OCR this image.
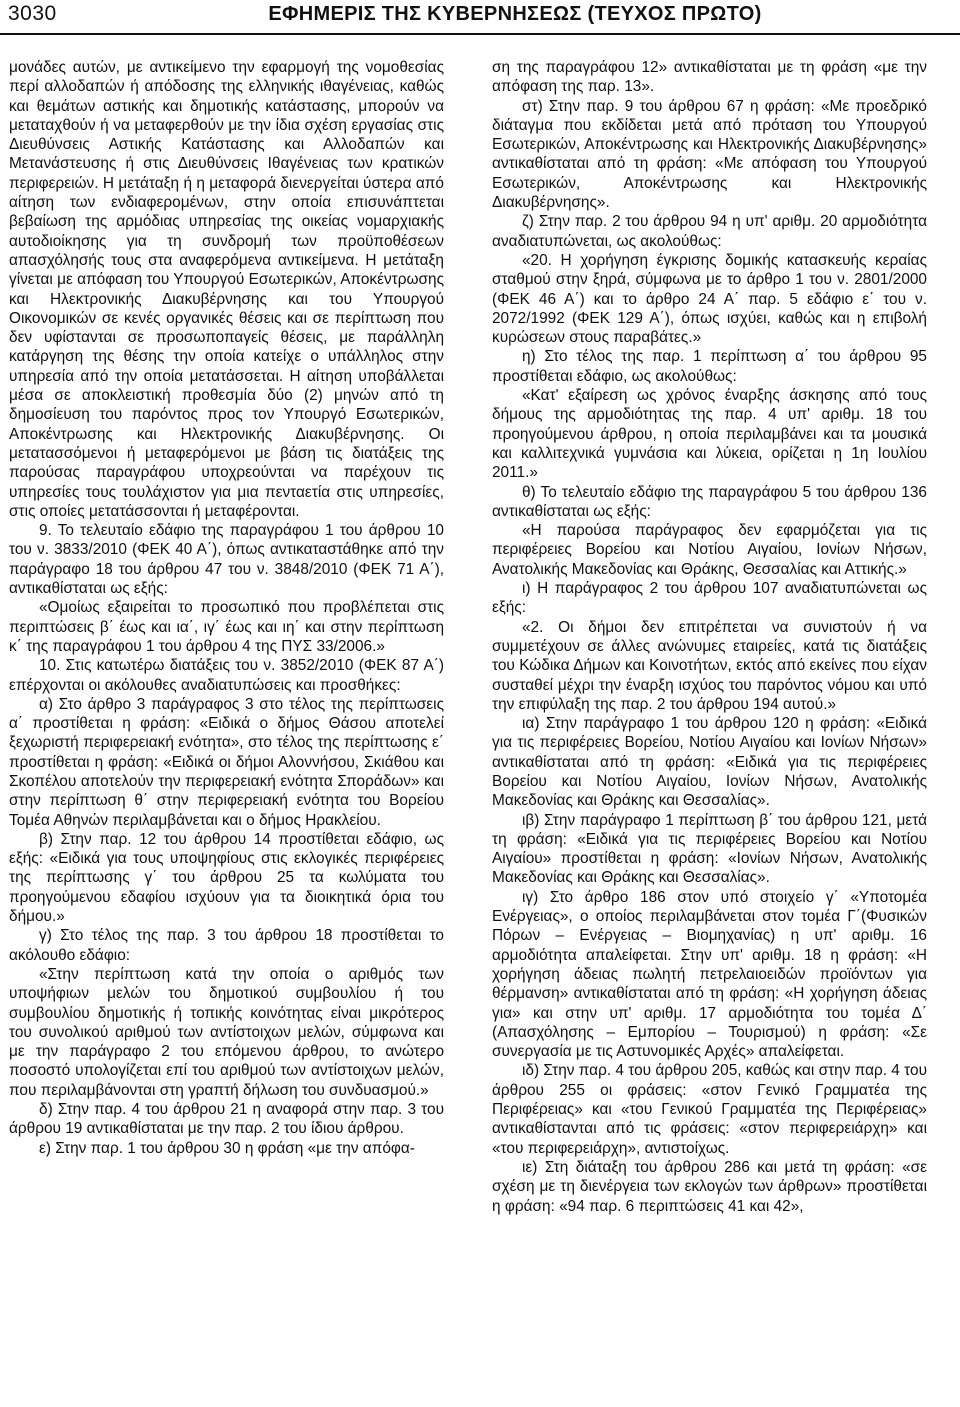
3030	ΕΦΗΜΕΡΙΣ ΤΗΣ ΚΥΒΕΡΝΗΣΕΩΣ (ΤΕΥΧΟΣ ΠΡΩΤΟ)

μονάδες αυτών, με αντικείμενο την εφαρμογή της νομοθεσίας περί αλλοδαπών ή απόδοσης της ελληνικής ιθαγένειας, καθώς και θεμάτων αστικής και δημοτικής κατάστασης, μπορούν να μεταταχθούν ή να μεταφερθούν με την ίδια σχέση εργασίας στις Διευθύνσεις Αστικής Κατάστασης και Αλλοδαπών και Μετανάστευσης ή στις Διευθύνσεις Ιθαγένειας των κρατικών περιφερειών. Η μετάταξη ή η μεταφορά διενεργείται ύστερα από αίτηση των ενδιαφερομένων, στην οποία επισυνάπτεται βεβαίωση της αρμόδιας υπηρεσίας της οικείας νομαρχιακής αυτοδιοίκησης για τη συνδρομή των προϋποθέσεων απασχόλησής τους στα αναφερόμενα αντικείμενα. Η μετάταξη γίνεται με απόφαση του Υπουργού Εσωτερικών, Αποκέντρωσης και Ηλεκτρονικής Διακυβέρνησης και του Υπουργού Οικονομικών σε κενές οργανικές θέσεις και σε περίπτωση που δεν υφίστανται σε προσωποπαγείς θέσεις, με παράλληλη κατάργηση της θέσης την οποία κατείχε ο υπάλληλος στην υπηρεσία από την οποία μετατάσσεται. Η αίτηση υποβάλλεται μέσα σε αποκλειστική προθεσμία δύο (2) μηνών από τη δημοσίευση του παρόντος προς τον Υπουργό Εσωτερικών, Αποκέντρωσης και Ηλεκτρονικής Διακυβέρνησης. Οι μετατασσόμενοι ή μεταφερόμενοι με βάση τις διατάξεις της παρούσας παραγράφου υποχρεούνται να παρέχουν τις υπηρεσίες τους τουλάχιστον για μια πενταετία στις υπηρεσίες, στις οποίες μετατάσσονται ή μεταφέρονται.

9. Το τελευταίο εδάφιο της παραγράφου 1 του άρθρου 10 του ν. 3833/2010 (ΦΕΚ 40 Α΄), όπως αντικαταστάθηκε από την παράγραφο 18 του άρθρου 47 του ν. 3848/2010 (ΦΕΚ 71 Α΄), αντικαθίσταται ως εξής:

«Ομοίως εξαιρείται το προσωπικό που προβλέπεται στις περιπτώσεις β΄ έως και ια΄, ιγ΄ έως και ιη΄ και στην περίπτωση κ΄ της παραγράφου 1 του άρθρου 4 της ΠΥΣ 33/2006.»

10. Στις κατωτέρω διατάξεις του ν. 3852/2010 (ΦΕΚ 87 Α΄) επέρχονται οι ακόλουθες αναδιατυπώσεις και προσθήκες:

α) Στο άρθρο 3 παράγραφος 3 στο τέλος της περίπτωσεις α΄ προστίθεται η φράση: «Ειδικά ο δήμος Θάσου αποτελεί ξεχωριστή περιφερειακή ενότητα», στο τέλος της περίπτωσης ε΄ προστίθεται η φράση: «Ειδικά οι δήμοι Αλοννήσου, Σκιάθου και Σκοπέλου αποτελούν την περιφερειακή ενότητα Σποράδων» και στην περίπτωση θ΄ στην περιφερειακή ενότητα του Βορείου Τομέα Αθηνών περιλαμβάνεται και ο δήμος Ηρακλείου.

β) Στην παρ. 12 του άρθρου 14 προστίθεται εδάφιο, ως εξής: «Ειδικά για τους υποψηφίους στις εκλογικές περιφέρειες της περίπτωσης γ΄ του άρθρου 25 τα κωλύματα του προηγούμενου εδαφίου ισχύουν για τα διοικητικά όρια του δήμου.»

γ) Στο τέλος της παρ. 3 του άρθρου 18 προστίθεται το ακόλουθο εδάφιο:

«Στην περίπτωση κατά την οποία ο αριθμός των υποψήφιων μελών του δημοτικού συμβουλίου ή του συμβουλίου δημοτικής ή τοπικής κοινότητας είναι μικρότερος του συνολικού αριθμού των αντίστοιχων μελών, σύμφωνα και με την παράγραφο 2 του επόμενου άρθρου, το ανώτερο ποσοστό υπολογίζεται επί του αριθμού των αντίστοιχων μελών, που περιλαμβάνονται στη γραπτή δήλωση του συνδυασμού.»

δ) Στην παρ. 4 του άρθρου 21 η αναφορά στην παρ. 3 του άρθρου 19 αντικαθίσταται με την παρ. 2 του ίδιου άρθρου.

ε) Στην παρ. 1 του άρθρου 30 η φράση «με την απόφα-

ση της παραγράφου 12» αντικαθίσταται με τη φράση «με την απόφαση της παρ. 13».

στ) Στην παρ. 9 του άρθρου 67 η φράση: «Με προεδρικό διάταγμα που εκδίδεται μετά από πρόταση του Υπουργού Εσωτερικών, Αποκέντρωσης και Ηλεκτρονικής Διακυβέρνησης» αντικαθίσταται από τη φράση: «Με απόφαση του Υπουργού Εσωτερικών, Αποκέντρωσης και Ηλεκτρονικής Διακυβέρνησης».

ζ) Στην παρ. 2 του άρθρου 94 η υπ' αριθμ. 20 αρμοδιότητα αναδιατυπώνεται, ως ακολούθως:

«20. Η χορήγηση έγκρισης δομικής κατασκευής κεραίας σταθμού στην ξηρά, σύμφωνα με το άρθρο 1 του ν. 2801/2000 (ΦΕΚ 46 Α΄) και το άρθρο 24 Α΄ παρ. 5 εδάφιο ε΄ του ν. 2072/1992 (ΦΕΚ 129 Α΄), όπως ισχύει, καθώς και η επιβολή κυρώσεων στους παραβάτες.»

η) Στο τέλος της παρ. 1 περίπτωση α΄ του άρθρου 95 προστίθεται εδάφιο, ως ακολούθως:

«Κατ' εξαίρεση ως χρόνος έναρξης άσκησης από τους δήμους της αρμοδιότητας της παρ. 4 υπ' αριθμ. 18 του προηγούμενου άρθρου, η οποία περιλαμβάνει και τα μουσικά και καλλιτεχνικά γυμνάσια και λύκεια, ορίζεται η 1η Ιουλίου 2011.»

θ) Το τελευταίο εδάφιο της παραγράφου 5 του άρθρου 136 αντικαθίσταται ως εξής:

«Η παρούσα παράγραφος δεν εφαρμόζεται για τις περιφέρειες Βορείου και Νοτίου Αιγαίου, Ιονίων Νήσων, Ανατολικής Μακεδονίας και Θράκης, Θεσσαλίας και Αττικής.»

ι) Η παράγραφος 2 του άρθρου 107 αναδιατυπώνεται ως εξής:

«2. Οι δήμοι δεν επιτρέπεται να συνιστούν ή να συμμετέχουν σε άλλες ανώνυμες εταιρείες, κατά τις διατάξεις του Κώδικα Δήμων και Κοινοτήτων, εκτός από εκείνες που είχαν συσταθεί μέχρι την έναρξη ισχύος του παρόντος νόμου και υπό την επιφύλαξη της παρ. 2 του άρθρου 194 αυτού.»

ια) Στην παράγραφο 1 του άρθρου 120 η φράση: «Ειδικά για τις περιφέρειες Βορείου, Νοτίου Αιγαίου και Ιονίων Νήσων» αντικαθίσταται από τη φράση: «Ειδικά για τις περιφέρειες Βορείου και Νοτίου Αιγαίου, Ιονίων Νήσων, Ανατολικής Μακεδονίας και Θράκης και Θεσσαλίας».

ιβ) Στην παράγραφο 1 περίπτωση β΄ του άρθρου 121, μετά τη φράση: «Ειδικά για τις περιφέρειες Βορείου και Νοτίου Αιγαίου» προστίθεται η φράση: «Ιονίων Νήσων, Ανατολικής Μακεδονίας και Θράκης και Θεσσαλίας».

ιγ) Στο άρθρο 186 στον υπό στοιχείο γ΄ «Υποτομέα Ενέργειας», ο οποίος περιλαμβάνεται στον τομέα Γ΄(Φυσικών Πόρων – Ενέργειας – Βιομηχανίας) η υπ' αριθμ. 16 αρμοδιότητα απαλείφεται. Στην υπ' αριθμ. 18 η φράση: «Η χορήγηση άδειας πωλητή πετρελαιοειδών προϊόντων για θέρμανση» αντικαθίσταται από τη φράση: «Η χορήγηση άδειας για» και στην υπ' αριθμ. 17 αρμοδιότητα του τομέα Δ΄ (Απασχόλησης – Εμπορίου – Τουρισμού) η φράση: «Σε συνεργασία με τις Αστυνομικές Αρχές» απαλείφεται.

ιδ) Στην παρ. 4 του άρθρου 205, καθώς και στην παρ. 4 του άρθρου 255 οι φράσεις: «στον Γενικό Γραμματέα της Περιφέρειας» και «του Γενικού Γραμματέα της Περιφέρειας» αντικαθίστανται από τις φράσεις: «στον περιφερειάρχη» και «του περιφερειάρχη», αντιστοίχως.

ιε) Στη διάταξη του άρθρου 286 και μετά τη φράση: «σε σχέση με τη διενέργεια των εκλογών των άρθρων» προστίθεται η φράση: «94 παρ. 6 περιπτώσεις 41 και 42»,
